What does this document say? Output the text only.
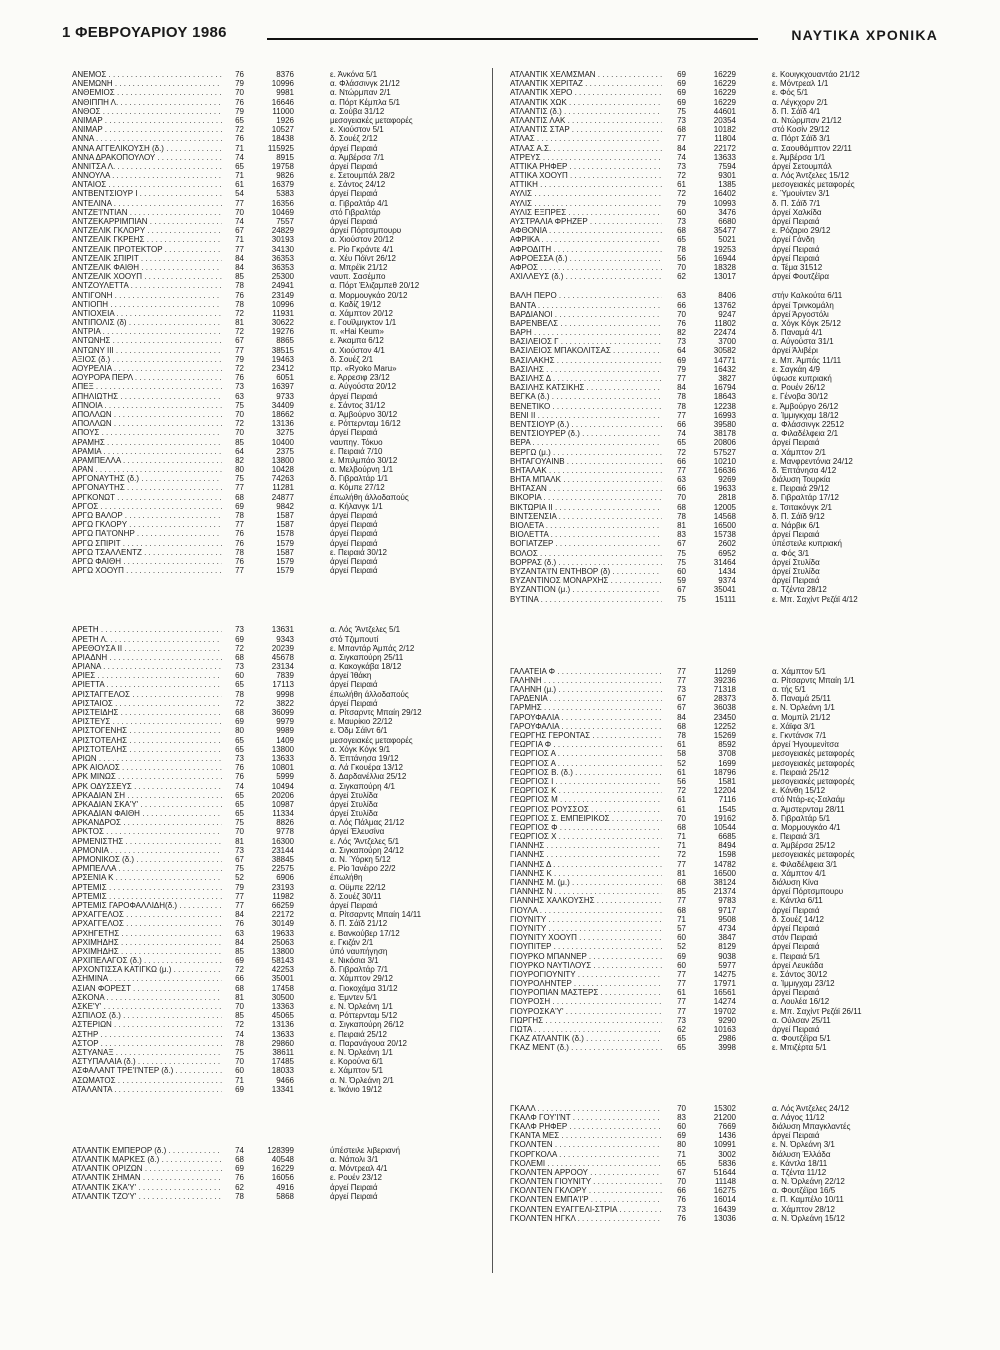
1 ΦΕΒΡΟΥΑΡΙΟΥ 1986	ΝΑΥΤΙΚΑ ΧΡΟΝΙΚΑ
ΑΝΕΜΟΣ . . .	76	8376	ε. Άνκόνα 5/1
ΑΝΕΜΩΝΗ . . .	79	10996	α. Φλάσσινγκ 21/12
ΑΝΘΕΜΙΟΣ . . .	70	9981	α. Ντώρμπαν 2/1
ΑΝΘΙΠΠΗ Λ. . . .	76	16646	α. Πόρτ Κέμπλα 5/1
ΑΝΘΟΣ . . .	79	11000	α. Σούβα 31/12
ΑΝΙΜΑΡ . . .	65	1926	μεσογειακές μεταφορές
ΑΝΙΜΑΡ . . .	72	10527	ε. Χιούστον 5/1
ΑΝΝΑ . . .	76	18438	δ. Σουέζ 2/12
ΑΝΝΑ ΑΓΓΕΛΙΚΟΥΣΗ (δ.) . . .	71	115925	άργεί Πειραιά
ΑΝΝΑ ΔΡΑΚΟΠΟΥΛΟΥ . . .	74	8915	α. Άμβέρσα 7/1
ΑΝΝΙΤΣΑ Λ. . . .	65	19758	άργεί Πειραιά
ΑΝΝΟΥΛΑ . . .	71	9826	ε. Σετουμπάλ 28/2
ΑΝΤΑΙΟΣ . . .	61	16379	ε. Σάντος 24/12
ΑΝΤΒΕΝΤΣΙΟΥΡ Ι . . .	54	5383	άργεί Πειραιά
ΑΝΤΕΛΙΝΑ . . .	77	16356	α. Γιβραλτάρ 4/1
ΑΝΤΖΕ'Ι'ΝΤΙΑΝ . . .	70	10469	στό Γιβραλτάρ
ΑΝΤΖΕΚΑΡΡΙΜΠΙΑΝ . . .	74	7557	άργεί Πειραιά
ΑΝΤΖΕΛΙΚ ΓΚΛΟΡΥ . . .	67	24829	άργεί Πόρτσμπουρυ
ΑΝΤΖΕΛΙΚ ΓΚΡΕΗΣ . . .	71	30193	α. Χιούστον 20/12
ΑΝΤΖΕΛΙΚ ΠΡΟΤΕΚΤΟΡ . . .	77	34130	ε. Ρίο Γκράντε 4/1
ΑΝΤΖΕΛΙΚ ΣΠΙΡΙΤ . . .	84	36353	α. Χέυ Πόϊντ 26/12
ΑΝΤΖΕΛΙΚ ΦΑΙΘΗ . . .	84	36353	α. Μπρέϊκ 21/12
ΑΝΤΖΕΛΙΚ ΧΟΟΥΠ . . .	85	25300	ναυπ. Σασέμπο
ΑΝΤΖΟΥΛΕΤΤΑ . . .	78	24941	α. Πόρτ Έλιζαμπεθ 20/12
ΑΝΤΙΓΟΝΗ . . .	76	23149	α. Μορμουγκάο 20/12
ΑΝΤΙΟΠΗ . . .	78	10996	α. Καδίζ 19/12
ΑΝΤΙΟΧΕΙΑ . . .	72	11931	α. Χάμπτον 20/12
ΑΝΤΙΠΟΛΙΣ (δ) . . .	81	30622	ε. Γουϊλμιγκτον 1/1
ΑΝΤΡΙΑ . . .	72	19276	π. «Hai Keum»
ΑΝΤΩΝΗΣ . . .	67	8865	ε. Άκαμπα 6/12
ΑΝΤΩΝΥ ΙΙΙ . . .	77	38515	α. Χιούστον 4/1
ΑΞΙΟΣ (δ.) . . .	79	19463	δ. Σουέζ 2/1
ΑΟΥΡΕΛΙΑ . . .	72	23412	πρ. «Ryoko Maru»
ΑΟΥΡΟΡΑ ΠΕΡΛ . . .	76	6051	ε. Άρρεσιφ 23/12
ΑΠΕΞ . . .	73	16397	α. Αύγούστα 20/12
ΑΠΗΛΙΩΤΗΣ . . .	63	9733	άργεί Πειραιά
ΑΠΝΟΙΑ . . .	75	34409	ε. Σάντος 31/12
ΑΠΟΛΛΩΝ . . .	70	18662	α. Άμβούρνο 30/12
ΑΠΟΛΛΩΝ . . .	72	13136	ε. Ρόττερνταμ 16/12
ΑΠΟΥΣ . . .	70	3275	άργεί Πειραιά
ΑΡΑΜΗΣ . . .	85	10400	ναυπηγ. Τόκυο
ΑΡΑΜΙΑ . . .	64	2375	ε. Πειραιά 7/10
ΑΡΑΜΠΕΛΛΑ . . .	82	13800	ε. Μπιλμπάο 30/12
ΑΡΑΝ . . .	80	10428	α. Μελβούρνη 1/1
ΑΡΓΟΝΑΥΤΗΣ (δ.) . . .	75	74263	δ. Γιβραλτάρ 1/1
ΑΡΓΟΝΑΥΤΗΣ . . .	77	11281	α. Κόμπε 27/12
ΑΡΓΚΟΝΩΤ . . .	68	24877	έπωλήθη άλλοδαπούς
ΑΡΓΟΣ . . .	69	9842	α. Κήλανγκ 1/1
ΑΡΓΩ ΒΑΛΟΡ . . .	78	1587	άργεί Πειραιά
ΑΡΓΩ ΓΚΛΟΡΥ . . .	77	1587	άργεί Πειραιά
ΑΡΓΩ ΠΑ'Ι'ΟΝΗΡ . . .	76	1578	άργεί Πειραιά
ΑΡΓΩ ΣΠΙΡΙΤ . . .	76	1579	άργεί Πειραιά
ΑΡΓΩ ΤΣΑΛΛΕΝΤΖ . . .	78	1587	ε. Πειραιά 30/12
ΑΡΓΩ ΦΑΙΘΗ . . .	76	1579	άργεί Πειραιά
ΑΡΓΩ ΧΟΟΥΠ . . .	77	1579	άργεί Πειραιά
ΑΡΕΤΗ . . .	73	13631	α. Λός 'Άντζελες 5/1
ΑΡΕΤΗ Λ. . . .	69	9343	στό Τζιμπουτί
ΑΡΕΘΟΥΣΑ ΙΙ . . .	72	20239	ε. Μπαντάρ Άμπάς 2/12
ΑΡΙΑΔΝΗ . . .	68	45678	α. Σιγκαπούρη 25/11
ΑΡΙΑΝΑ . . .	73	23134	α. Κακογκάβα 18/12
ΑΡΙΕΣ . . .	60	7839	άργεί Ίθάκη
ΑΡΙΕΤΤΑ . . .	65	17113	άργεί Πειραιά
ΑΡΙΣΤΑΓΓΕΛΟΣ . . .	78	9998	έπωλήθη άλλοδαπούς
ΑΡΙΣΤΑΙΟΣ . . .	72	3822	άργεί Πειραιά
ΑΡΙΣΤΕΙΔΗΣ . . .	68	36099	α. Ρίτσαρντς Μπαίη 29/12
ΑΡΙΣΤΕΥΣ . . .	69	9979	ε. Μαυρίκιο 22/12
ΑΡΙΣΤΟΓΕΝΗΣ . . .	80	9989	ε. Όδμ Σάϊντ 6/1
ΑΡΙΣΤΟΤΕΛΗΣ . . .	65	1409	μεσογειακές μεταφορές
ΑΡΙΣΤΟΤΕΛΗΣ . . .	65	13800	α. Χόγκ Κόγκ 9/1
ΑΡΙΩΝ . . .	73	13633	δ. Έπτάνησα 19/12
ΑΡΚ ΑΙΟΛΟΣ . . .	76	10801	α. Λά Γκουέρα 13/12
ΑΡΚ ΜΙΝΩΣ . . .	76	5999	δ. Δαρδανέλλια 25/12
ΑΡΚ ΟΔΥΣΣΕΥΣ . . .	74	10494	α. Σιγκαπούρη 4/1
ΑΡΚΑΔΙΑΝ ΣΗ . . .	65	20206	άργεί Στυλίδα
ΑΡΚΑΔΙΑΝ ΣΚΑ'Υ' . . .	65	10987	άργεί Στυλίδα
ΑΡΚΑΔΙΑΝ ΦΑΙΘΗ . . .	65	11334	άργεί Στυλίδα
ΑΡΚΑΝΔΡΟΣ . . .	75	8826	α. Λός Πάλμας 21/12
ΑΡΚΤΟΣ . . .	70	9778	άργεί Έλευσίνα
ΑΡΜΕΝΙΣΤΗΣ . . .	81	16300	ε. Λός 'Άντζελες 5/1
ΑΡΜΟΝΙΑ . . .	73	23144	α. Σιγκαπούρη 24/12
ΑΡΜΟΝΙΚΟΣ (δ.) . . .	67	38845	α. Ν. Ύόρκη 5/12
ΑΡΜΠΕΛΛΑ . . .	75	22575	ε. Ρίο Ίανέιρο 22/2
ΑΡΣΕΝΙΑ Κ . . .	52	6906	έπωλήθη
ΑΡΤΕΜΙΣ . . .	79	23193	α. Οϋμπε 22/12
ΑΡΤΕΜΙΣ . . .	77	11982	δ. Σουέζ 30/11
ΑΡΤΕΜΙΣ ΓΑΡΟΦΑΛΛΙΔΗ(δ.) . . .	77	66259	άργεί Πειραιά
ΑΡΧΑΓΓΕΛΟΣ . . .	84	22172	α. Ρίτσαρντς Μπαίη 14/11
ΑΡΧΑΓΓΕΛΟΣ . . .	76	30149	δ. Π. Σάϊδ 21/12
ΑΡΧΗΓΕΤΗΣ . . .	63	19633	ε. Βανκούβερ 17/12
ΑΡΧΙΜΗΔΗΣ . . .	84	25063	ε. Γκιζάν 2/1
ΑΡΧΙΜΗΔΗΣ . . .	85	13800	ύπό ναυπήγηση
ΑΡΧΙΠΕΛΑΓΟΣ (δ.) . . .	69	58143	ε. Νικόσια 3/1
ΑΡΧΟΝΤΙΣΣΑ ΚΑΤΙΓΚΩ (μ.) . . .	72	42253	δ. Γιβραλτάρ 7/1
ΑΣΗΜΙΝΑ . . .	66	35001	α. Χάμπτον 29/12
ΑΣΙΑΝ ΦΟΡΕΣΤ . . .	68	17458	α. Γιοκοχάμα 31/12
ΑΣΚΟΝΑ . . .	81	30500	ε. Έμντεν 5/1
ΑΣΚΕ'Υ' . . .	70	13363	ε. Ν. Όρλεάνη 1/1
ΑΣΠΙΛΟΣ (δ.) . . .	85	45065	α. Ρόττερνταμ 5/12
ΑΣΤΕΡΙΩΝ . . .	72	13136	α. Σιγκαπούρη 26/12
ΑΣΤΗΡ . . .	74	13633	ε. Πειραιά 25/12
ΑΣΤΟΡ . . .	78	29860	α. Παρανάγουα 20/12
ΑΣΤΥΑΝΑΞ . . .	75	38611	ε. Ν. Όρλεάνη 1/1
ΑΣΤΥΠΑΛΑΙΑ (δ.) . . .	70	17485	ε. Κορούνα 6/1
ΑΣΦΑΛΑΝΤ ΤΡΕ'Ι'ΝΤΕΡ (δ.) . . .	60	18033	ε. Χάμπτον 5/1
ΑΣΩΜΑΤΟΣ . . .	71	9466	α. Ν. Όρλεάνη 2/1
ΑΤΑΛΑΝΤΑ . . .	69	13341	ε. Ίκόνιο 19/12
ΑΤΛΑΝΤΙΚ ΕΜΠΕΡΟΡ (δ.) . . .	74	128399	ύπέστειλε λιβεριανή
ΑΤΛΑΝΤΙΚ ΜΑΡΚΕΣ (δ.) . . .	68	40548	α. Νάπολι 3/1
ΑΤΛΑΝΤΙΚ ΟΡΙΖΩΝ . . .	69	16229	α. Μόντρεαλ 4/1
ΑΤΛΑΝΤΙΚ ΣΗΜΑΝ . . .	76	16056	ε. Ρουέν 23/12
ΑΤΛΑΝΤΙΚ ΣΚΑ'Υ' . . .	62	4916	άργεί Πειραιά
ΑΤΛΑΝΤΙΚ ΤΖΟ'Υ' . . .	78	5868	άργεί Πειραιά
ΑΤΛΑΝΤΙΚ ΧΕΛΜΣΜΑΝ . . .	69	16229	ε. Κουιγκχουαντάο 21/12
ΑΤΛΑΝΤΙΚ ΧΕΡΙΤΑΖ . . .	69	16229	ε. Μόντρεαλ 1/1
ΑΤΛΑΝΤΙΚ ΧΕΡΟ . . .	69	16229	ε. Φός 5/1
ΑΤΛΑΝΤΙΚ ΧΩΚ . . .	69	16229	α. Λέγκχορν 2/1
ΑΤΛΑΝΤΙΣ (δ.) . . .	75	44601	δ. Π. Σάϊδ 4/1
ΑΤΛΑΝΤΙΣ ΛΑΚ . . .	73	20354	α. Ντώρμπαν 21/12
ΑΤΛΑΝΤΙΣ ΣΤΑΡ . . .	68	10182	στό Κοσίν 29/12
ΑΤΛΑΣ . . .	77	11804	α. Πόρτ Σάϊδ 3/1
ΑΤΛΑΣ Α.Σ. . . .	84	22172	α. Σαουθάμπτον 22/11
ΑΤΡΕΥΣ . . .	74	13633	ε. Άμβέρσα 1/1
ΑΤΤΙΚΑ ΡΗΦΕΡ . . .	73	7594	άργεί Σετουμπάλ
ΑΤΤΙΚΑ ΧΟΟΥΠ . . .	72	9301	α. Λός Άντζελες 15/12
ΑΤΤΙΚΗ . . .	61	1385	μεσογειακές μεταφορές
ΑΥΛΙΣ . . .	72	16402	ε. Ύμουίντεν 3/1
ΑΥΛΙΣ . . .	79	10993	δ. Π. Σάϊδ 7/1
ΑΥΛΙΣ ΕΞΠΡΕΣ . . .	60	3476	άργεί Χαλκίδα
ΑΥΣΤΡΑΛΙΑ ΦΡΗΖΕΡ . . .	73	6680	άργεί Πειραιά
ΑΦΘΟΝΙΑ . . .	68	35477	ε. Ρόζαριο 29/12
ΑΦΡΙΚΑ . . .	65	5021	άργεί Γάνδη
ΑΦΡΟΔΙΤΗ . . .	78	19253	άργεί Πειραιά
ΑΦΡΟΕΣΣΑ (δ.) . . .	56	16944	άργεί Πειραιά
ΑΦΡΟΣ . . .	70	18328	α. Τέμα 31512
ΑΧΙΛΛΕΥΣ (δ.) . . .	62	13017	άργεί Φουτζέϊρα
ΒΑΛΗ ΠΕΡΟ . . .	63	8406	στήν Καλκούτα 6/11
ΒΑΝΤΑ . . .	66	13762	άργεί Τρινκομάλη
ΒΑΡΔΙΑΝΟΙ . . .	70	9247	άργεί Άργοστόλι
ΒΑΡΕΝΒΕΛΣ . . .	76	11802	α. Χόγκ Κόγκ 25/12
ΒΑΡΗ . . .	82	22474	δ. Παναμά 4/1
ΒΑΣΙΛΕΙΟΣ Γ . . .	73	3700	α. Αύγούστα 31/1
ΒΑΣΙΛΕΙΟΣ ΜΠΑΚΟΛΙΤΣΑΣ . . .	64	30582	άργεί Άλιβέρι
ΒΑΣΙΛΑΚΗΣ . . .	69	14771	ε. Μπ. Άμπάς 11/11
ΒΑΣΙΛΗΣ . . .	79	16432	ε. Σαγκάη 4/9
ΒΑΣΙΛΗΣ Δ . . .	77	3827	ύφωσε κυπριακή
ΒΑΣΙΛΗΣ ΚΑΤΣΙΚΗΣ . . .	84	16794	α. Ρουέν 26/12
ΒΕΓΚΑ (δ.) . . .	78	18643	ε. Γένοβα 30/12
ΒΕΝΕΤΙΚΟ . . .	78	12238	ε. Άμβούργο 26/12
ΒΕΝΙ ΙΙ . . .	77	16993	α. Ίμμιγκχαμ 18/12
ΒΕΝΤΣΙΟΥΡ (δ.) . . .	66	39580	α. Φλάσσινγκ 22512
ΒΕΝΤΣΙΟΥΡΕΡ (δ.) . . .	74	38178	α. Φιλαδέλφεια 2/1
ΒΕΡΑ . . .	65	20806	άργεί Πειραιά
ΒΕΡΓΩ (μ.) . . .	72	57527	α. Χάμπτον 2/1
ΒΗΤΑΓΟΥΑΙΝΒ . . .	66	10210	ε. Μανφρεντόνια 24/12
ΒΗΤΑΛΑΚ . . .	77	16636	δ. Έπτάνησα 4/12
ΒΗΤΑ ΜΠΑΛΚ . . .	63	9269	διάλυση Τουρκία
ΒΗΤΑΣΑΝ . . .	66	19633	ε. Πειραιά 29/12
ΒΙΚΟΡΙΑ . . .	70	2818	δ. Γιβραλτάρ 17/12
ΒΙΚΤΩΡΙΑ ΙΙ . . .	68	12005	ε. Τσιτακόνγκ 2/1
ΒΙΝΤΣΕΝΣΙΑ . . .	78	14568	δ. Π. Σάϊδ 9/12
ΒΙΟΛΕΤΑ . . .	81	16500	α. Νάρβικ 6/1
ΒΙΟΛΕΤΤΑ . . .	83	15738	άργεί Πειραιά
ΒΟΓΙΑΤΖΕΡ . . .	67	2602	ύπέστειλε κυπριακή
ΒΟΛΟΣ . . .	75	6952	α. Φός 3/1
ΒΟΡΡΑΣ (δ.) . . .	75	31464	άργεί Στυλίδα
ΒΥΖΑΝΤΑ'Ι'Ν ΕΝΤΗΒΟΡ (δ) . . .	60	1434	άργεί Στυλίδα
ΒΥΖΑΝΤΙΝΟΣ ΜΟΝΑΡΧΗΣ . . .	59	9374	άργεί Πειραιά
ΒΥΖΑΝΤΙΟΝ (μ.) . . .	67	35041	α. Τζέντα 28/12
ΒΥΤΙΝΑ . . .	75	15111	ε. Μπ. Σαχίντ Ρεζάϊ 4/12
ΓΑΛΑΤΕΙΑ Φ . . .	77	11269	α. Χάμπτον 5/1
ΓΑΛΗΝΗ . . .	77	39236	α. Ρίτσαρντς Μπαίη 1/1
ΓΑΛΗΝΗ (μ.) . . .	73	71318	α. τής 5/1
ΓΑΡΔΕΝΙΑ . . .	67	28373	δ. Παναμά 25/11
ΓΑΡΜΗΣ . . .	67	36038	ε. Ν. Όρλεάνη 1/1
ΓΑΡΟΥΦΑΛΙΑ . . .	84	23450	α. Μομπίλ 21/12
ΓΑΡΟΥΦΑΛΙΑ . . .	68	12252	ε. Χάϊφα 3/1
ΓΕΩΡΓΗΣ ΓΕΡΟΝΤΑΣ . . .	78	15269	ε. Γκντάνσκ 7/1
ΓΕΩΡΓΙΑ Φ . . .	61	8592	άργεί Ήγουμενίτσα
ΓΕΩΡΓΙΟΣ Α . . .	58	3708	μεσογειακές μεταφορές
ΓΕΩΡΓΙΟΣ Α . . .	52	1699	μεσογειακές μεταφορές
ΓΕΩΡΓΙΟΣ Β. (δ.) . . .	61	18796	ε. Πειραιά 25/12
ΓΕΩΡΓΙΟΣ Ι . . .	56	1581	μεσογειακές μεταφορές
ΓΕΩΡΓΙΟΣ Κ . . .	72	12204	ε. Κάνθη 15/12
ΓΕΩΡΓΙΟΣ Μ . . .	61	7116	στό Ντάρ-ες-Σαλαάμ
ΓΕΩΡΓΙΟΣ ΡΟΥΣΣΟΣ . . .	61	1545	α. Άμστερνταμ 28/11
ΓΕΩΡΓΙΟΣ Σ. ΕΜΠΕΙΡΙΚΟΣ . . .	70	19162	δ. Γιβραλτάρ 5/1
ΓΕΩΡΓΙΟΣ Φ . . .	68	10544	α. Μορμουγκάο 4/1
ΓΕΩΡΓΙΟΣ Χ . . .	71	6685	ε. Πειραιά 3/1
ΓΙΑΝΝΗΣ . . .	71	8494	α. Άμβέρσα 25/12
ΓΙΑΝΝΗΣ . . .	72	1598	μεσογειακές μεταφορές
ΓΙΑΝΝΗΣ Δ . . .	77	14782	ε. Φιλαδέλφεια 3/1
ΓΙΑΝΝΗΣ Κ . . .	81	16500	α. Χάμπτον 4/1
ΓΙΑΝΝΗΣ Μ. (μ.) . . .	68	38124	διάλυση Κίνα
ΓΙΑΝΝΗΣ Ν . . .	85	21374	άργεί Πόρτσμπουρυ
ΓΙΑΝΝΗΣ ΧΑΛΚΟΥΣΗΣ . . .	77	9783	ε. Κάντλα 6/11
ΓΙΟΥΛΑ . . .	68	9717	άργεί Πειραιά
ΓΙΟΥΝΙΤΥ . . .	71	9508	δ. Σουέζ 14/12
ΓΙΟΥΝΙΤΥ . . .	57	4734	άργεί Πειραιά
ΓΙΟΥΝΙΤΥ ΧΟΟΥΠ . . .	60	3847	στόν Πειραιά
ΓΙΟΥΠΙΤΕΡ . . .	52	8129	άργεί Πειραιά
ΓΙΟΥΡΚΟ ΜΠΑΝΝΕΡ . . .	69	9038	ε. Πειραιά 5/1
ΓΙΟΥΡΚΟ ΝΑΥΤΙΛΟΥΣ . . .	60	5977	άργεί Λευκάδα
ΓΙΟΥΡΟΓΙΟΥΝΙΤΥ . . .	77	14275	ε. Σάντος 30/12
ΓΙΟΥΡΟΛΗΝΤΕΡ . . .	77	17971	α. Ίμμιγχαμ 23/12
ΓΙΟΥΡΟΠΙΑΝ ΜΑΣΤΕΡΣ . . .	61	16561	άργεί Πειραιά
ΓΙΟΥΡΟΣΗ . . .	77	14274	α. Λουλέα 16/12
ΓΙΟΥΡΟΣΚΑ'Υ' . . .	77	19702	ε. Μπ. Σαχίντ Ρεζάϊ 26/11
ΓΙΩΡΓΗΣ . . .	73	9290	α. Ούλσαν 25/11
ΓΙΩΤΑ . . .	62	10163	άργεί Πειραιά
ΓΚΑΖ ΑΤΛΑΝΤΙΚ (δ.) . . .	65	2986	α. Φουτζέϊρα 5/1
ΓΚΑΖ ΜΕΝΤ (δ.) . . .	65	3998	ε. Μπιζέρτα 5/1
ΓΚΑΛΛ . . .	70	15302	α. Λός Άντζελες 24/12
ΓΚΑΛΦ ΓΟΥ'Ι'ΝΤ . . .	83	21200	α. Λάγος 11/12
ΓΚΑΛΦ ΡΗΦΕΡ . . .	60	7669	διάλυση Μπαγκλαντές
ΓΚΑΝΤΑ ΜΕΣ . . .	69	1436	άργεί Πειραιά
ΓΚΟΛΝΤΕΝ . . .	80	10991	ε. Ν. Όρλεάνη 3/1
ΓΚΟΡΓΚΟΛΑ . . .	71	3002	διάλυση Έλλάδα
ΓΚΟΛΕΜΙ . . .	65	5836	ε. Κάντλα 18/11
ΓΚΟΛΝΤΕΝ ΑΡΡΟΟΥ . . .	67	51644	α. Τζέντα 11/12
ΓΚΟΛΝΤΕΝ ΓΙΟΥΝΙΤΥ . . .	70	11148	α. Ν. Όρλεάνη 22/12
ΓΚΟΛΝΤΕΝ ΓΚΛΟΡΥ . . .	66	16275	α. Φουτζέϊρα 16/5
ΓΚΟΛΝΤΕΝ ΕΜΠΑ'Ι'Ρ . . .	76	16014	ε. Π. Καμπέλο 10/11
ΓΚΟΛΝΤΕΝ ΕΥΑΓΓΕΛΙ-ΣΤΡΙΑ . . .	73	16439	α. Χάμπτον 28/12
ΓΚΟΛΝΤΕΝ ΗΓΚΛ . . .	76	13036	α. Ν. Όρλεάνη 15/12
